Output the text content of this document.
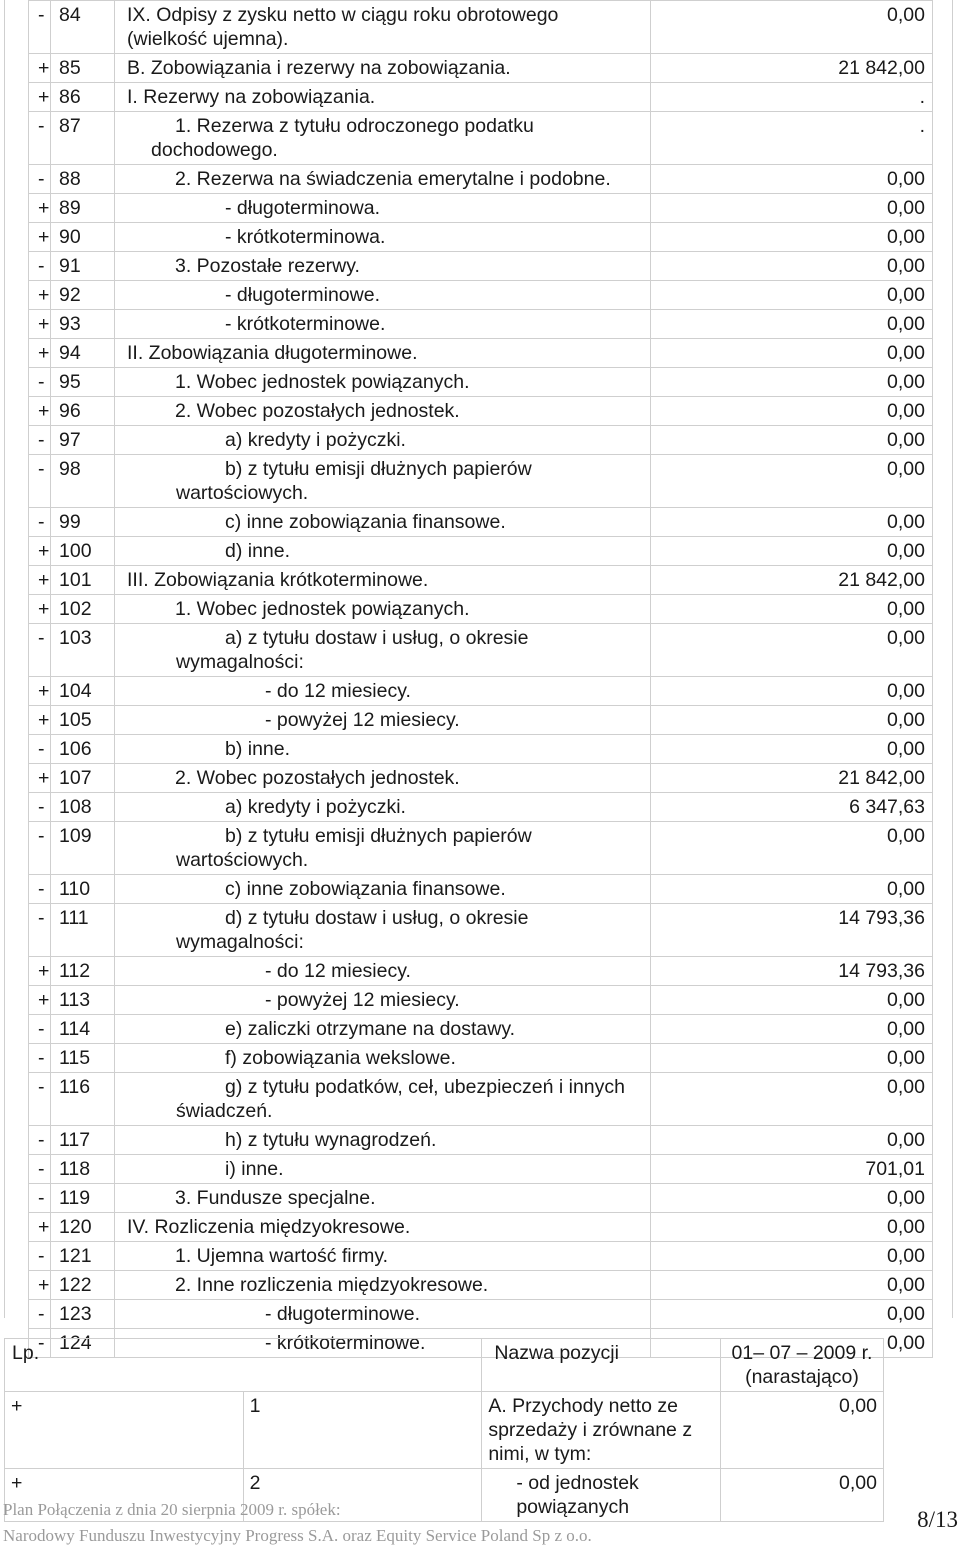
-	84	IX. Odpisy z zysku netto w ciągu roku obrotowego (wielkość ujemna).	0,00
+	85	B. Zobowiązania i rezerwy na zobowiązania.	21 842,00
+	86	I. Rezerwy na zobowiązania.	.
-	87	1. Rezerwa z tytułu odroczonego podatku dochodowego.	.
-	88	2. Rezerwa na świadczenia emerytalne i podobne.	0,00
+	89	- długoterminowa.	0,00
+	90	- krótkoterminowa.	0,00
-	91	3. Pozostałe rezerwy.	0,00
+	92	- długoterminowe.	0,00
+	93	- krótkoterminowe.	0,00
+	94	II. Zobowiązania długoterminowe.	0,00
-	95	1. Wobec jednostek powiązanych.	0,00
+	96	2. Wobec pozostałych jednostek.	0,00
-	97	a) kredyty i pożyczki.	0,00
-	98	b) z tytułu emisji dłużnych papierów wartościowych.	0,00
-	99	c) inne zobowiązania finansowe.	0,00
+	100	d) inne.	0,00
+	101	III. Zobowiązania krótkoterminowe.	21 842,00
+	102	1. Wobec jednostek powiązanych.	0,00
-	103	a) z tytułu dostaw i usług, o okresie wymagalności:	0,00
+	104	- do 12 miesiecy.	0,00
+	105	- powyżej 12 miesiecy.	0,00
-	106	b) inne.	0,00
+	107	2. Wobec pozostałych jednostek.	21 842,00
-	108	a) kredyty i pożyczki.	6 347,63
-	109	b) z tytułu emisji dłużnych papierów wartościowych.	0,00
-	110	c) inne zobowiązania finansowe.	0,00
-	111	d) z tytułu dostaw i usług, o okresie wymagalności:	14 793,36
+	112	- do 12 miesiecy.	14 793,36
+	113	- powyżej 12 miesiecy.	0,00
-	114	e) zaliczki otrzymane na dostawy.	0,00
-	115	f) zobowiązania wekslowe.	0,00
-	116	g) z tytułu podatków, ceł, ubezpieczeń i innych świadczeń.	0,00
-	117	h) z tytułu wynagrodzeń.	0,00
-	118	i) inne.	701,01
-	119	3. Fundusze specjalne.	0,00
+	120	IV. Rozliczenia międzyokresowe.	0,00
-	121	1. Ujemna wartość firmy.	0,00
+	122	2. Inne rozliczenia międzyokresowe.	0,00
-	123	- długoterminowe.	0,00
-	124	- krótkoterminowe.	0,00
Lp.		Nazwa pozycji	01– 07 – 2009 r. (narastająco)
+	1	A. Przychody netto ze sprzedaży i zrównane z nimi, w tym:	0,00
+	2	- od jednostek powiązanych	0,00
Plan Połączenia z dnia 20 sierpnia 2009 r. spółek:
Narodowy Funduszu Inwestycyjny Progress S.A. oraz Equity Service Poland Sp z o.o.
8/13
